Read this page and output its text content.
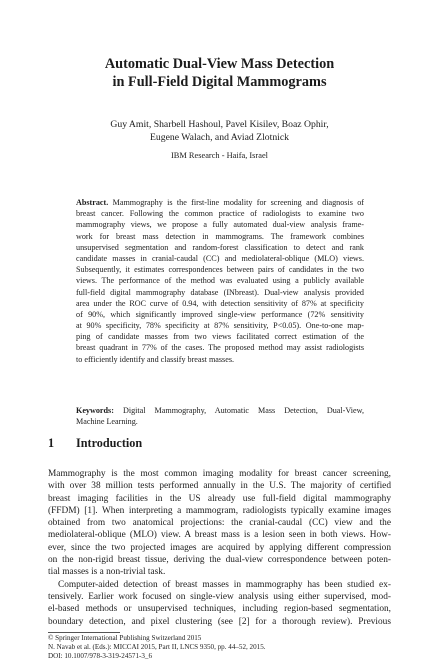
Automatic Dual-View Mass Detection
in Full-Field Digital Mammograms
Guy Amit, Sharbell Hashoul, Pavel Kisilev, Boaz Ophir,
Eugene Walach, and Aviad Zlotnick
IBM Research - Haifa, Israel
Abstract. Mammography is the first-line modality for screening and diagnosis of
breast cancer. Following the common practice of radiologists to examine two
mammography views, we propose a fully automated dual-view analysis frame-
work for breast mass detection in mammograms. The framework combines
unsupervised segmentation and random-forest classification to detect and rank
candidate masses in cranial-caudal (CC) and mediolateral-oblique (MLO) views.
Subsequently, it estimates correspondences between pairs of candidates in the two
views. The performance of the method was evaluated using a publicly available
full-field digital mammography database (INbreast). Dual-view analysis provided
area under the ROC curve of 0.94, with detection sensitivity of 87% at specificity
of 90%, which significantly improved single-view performance (72% sensitivity
at 90% specificity, 78% specificity at 87% sensitivity, P<0.05). One-to-one map-
ping of candidate masses from two views facilitated correct estimation of the
breast quadrant in 77% of the cases. The proposed method may assist radiologists
to efficiently identify and classify breast masses.
Keywords: Digital Mammography, Automatic Mass Detection, Dual-View,
Machine Learning.
1 Introduction
Mammography is the most common imaging modality for breast cancer screening,
with over 38 million tests performed annually in the U.S. The majority of certified
breast imaging facilities in the US already use full-field digital mammography
(FFDM) [1]. When interpreting a mammogram, radiologists typically examine images
obtained from two anatomical projections: the cranial-caudal (CC) view and the
mediolateral-oblique (MLO) view. A breast mass is a lesion seen in both views. How-
ever, since the two projected images are acquired by applying different compression
on the non-rigid breast tissue, deriving the dual-view correspondence between poten-
tial masses is a non-trivial task.
Computer-aided detection of breast masses in mammography has been studied ex-
tensively. Earlier work focused on single-view analysis using either supervised, mod-
el-based methods or unsupervised techniques, including region-based segmentation,
boundary detection, and pixel clustering (see [2] for a thorough review). Previous
© Springer International Publishing Switzerland 2015
N. Navab et al. (Eds.): MICCAI 2015, Part II, LNCS 9350, pp. 44–52, 2015.
DOI: 10.1007/978-3-319-24571-3_6
